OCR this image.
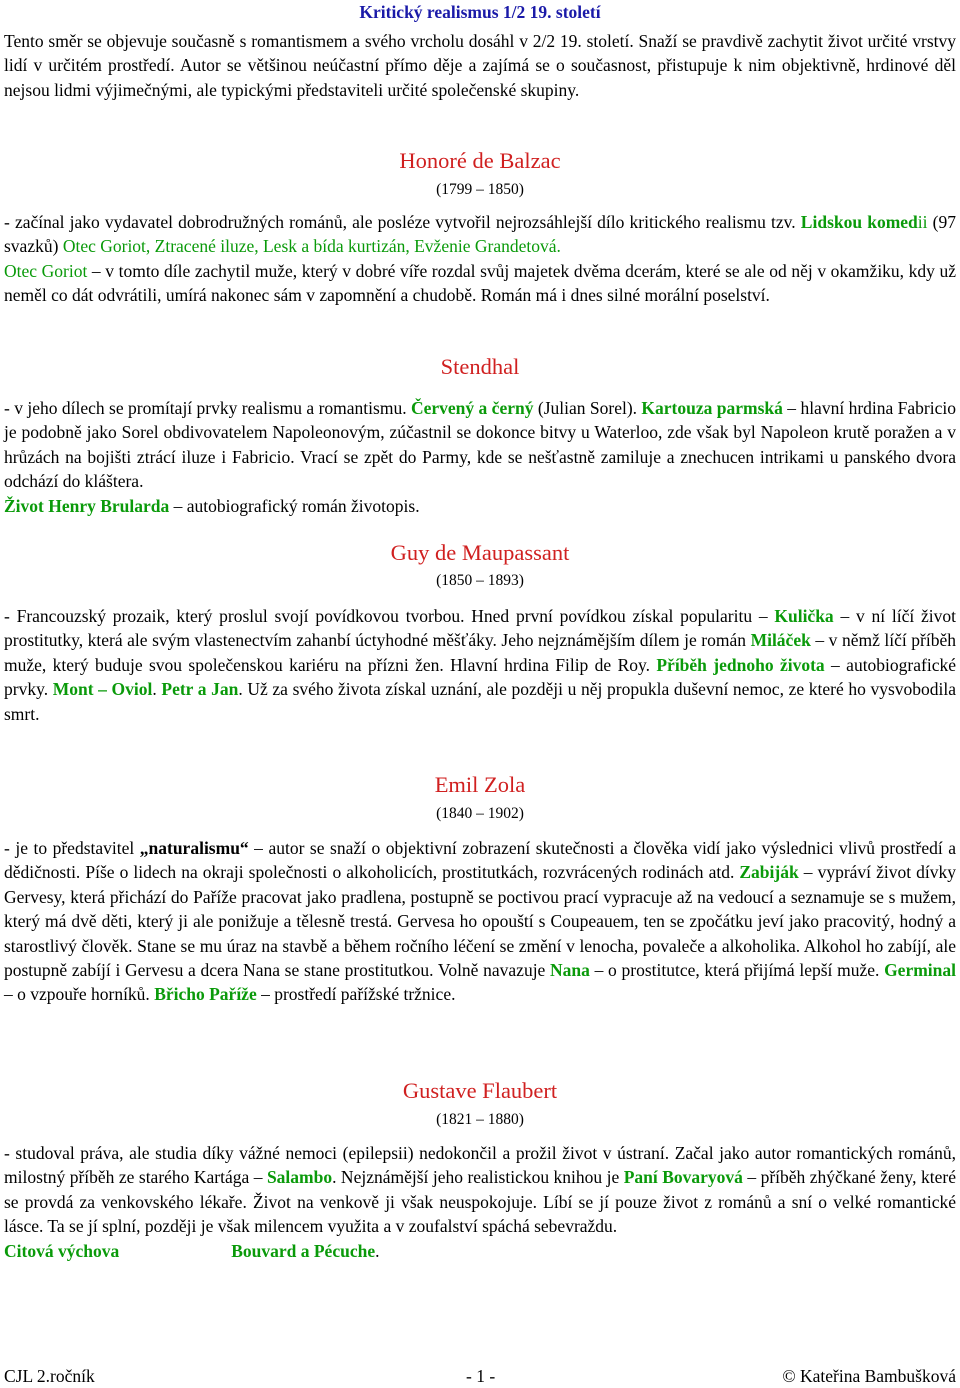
Kritický realismus 1/2 19. století

Tento směr se objevuje současně s romantismem a svého vrcholu dosáhl v 2/2 19. století. Snaží se pravdivě zachytit život určité vrstvy lidí v určitém prostředí. Autor se většinou neúčastní přímo děje a zajímá se o současnost, přistupuje k nim objektivně, hrdinové děl nejsou lidmi výjimečnými, ale typickými představiteli určité společenské skupiny.

Honoré de Balzac
(1799 – 1850)

- začínal jako vydavatel dobrodružných románů, ale posléze vytvořil nejrozsáhlejší dílo kritického realismu tzv. Lidskou komedii (97 svazků) Otec Goriot, Ztracené iluze, Lesk a bída kurtizán, Evženie Grandetová.

Otec Goriot – v tomto díle zachytil muže, který v dobré víře rozdal svůj majetek dvěma dcerám, které se ale od něj v okamžiku, kdy už neměl co dát odvrátili, umírá nakonec sám v zapomnění a chudobě. Román má i dnes silné morální poselství.

Stendhal

- v jeho dílech se promítají prvky realismu a romantismu. Červený a černý (Julian Sorel). Kartouza parmská – hlavní hrdina Fabricio je podobně jako Sorel obdivovatelem Napoleonovým, zúčastnil se dokonce bitvy u Waterloo, zde však byl Napoleon krutě poražen a v hrůzách na bojišti ztrácí iluze i Fabricio. Vrací se zpět do Parmy, kde se nešťastně zamiluje a znechucen intrikami u panského dvora odchází do kláštera.

Život Henry Brularda – autobiografický román životopis.

Guy de Maupassant
(1850 – 1893)

- Francouzský prozaik, který proslul svojí povídkovou tvorbou. Hned první povídkou získal popularitu – Kulička – v ní líčí život prostitutky, která ale svým vlastenectvím zahanbí úctyhodné měšťáky. Jeho nejznámějším dílem je román Miláček – v němž líčí příběh muže, který buduje svou společenskou kariéru na přízni žen. Hlavní hrdina Filip de Roy. Příběh jednoho života – autobiografické prvky. Mont – Oviol. Petr a Jan. Už za svého života získal uznání, ale později u něj propukla duševní nemoc, ze které ho vysvobodila smrt.

Emil Zola
(1840 – 1902)

- je to představitel „naturalismu“ – autor se snaží o objektivní zobrazení skutečnosti a člověka vidí jako výslednici vlivů prostředí a dědičnosti. Píše o lidech na okraji společnosti o alkoholicích, prostitutkách, rozvrácených rodinách atd. Zabiják – vypráví život dívky Gervesy, která přichází do Paříže pracovat jako pradlena, postupně se poctivou prací vypracuje až na vedoucí a seznamuje se s mužem, který má dvě děti, který ji ale ponižuje a tělesně trestá. Gervesa ho opouští s Coupeauem, ten se zpočátku jeví jako pracovitý, hodný a starostlivý člověk. Stane se mu úraz na stavbě a během ročního léčení se změní v lenocha, povaleče a alkoholika. Alkohol ho zabíjí, ale postupně zabíjí i Gervesu a dcera Nana se stane prostitutkou. Volně navazuje Nana – o prostitutce, která přijímá lepší muže. Germinal – o vzpouře horníků. Břicho Paříže – prostředí pařížské tržnice.

Gustave Flaubert
(1821 – 1880)

- studoval práva, ale studia díky vážné nemoci (epilepsii) nedokončil a prožil život v ústraní. Začal jako autor romantických románů, milostný příběh ze starého Kartága – Salambo. Nejznámější jeho realistickou knihou je Paní Bovaryová – příběh zhýčkané ženy, které se provdá za venkovského lékaře. Život na venkově ji však neuspokojuje. Líbí se jí pouze život z románů a sní o velké romantické lásce. Ta se jí splní, později je však milencem využita a v zoufalství spáchá sebevraždu.

Citová výchova	Bouvard a Pécuche.

CJL 2.ročník	- 1 -	© Kateřina Bambušková
